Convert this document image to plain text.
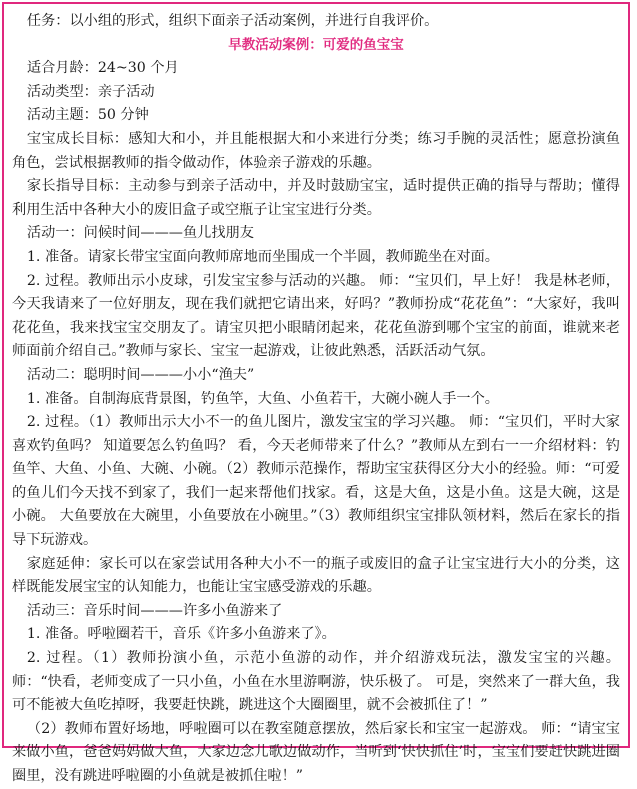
任务：以小组的形式，组织下面亲子活动案例，并进行自我评价。

早教活动案例：可爱的鱼宝宝

适合月龄：24~30 个月

活动类型：亲子活动

活动主题：50 分钟

宝宝成长目标：感知大和小，并且能根据大和小来进行分类；练习手腕的灵活性；愿意扮演鱼角色，尝试根据教师的指令做动作，体验亲子游戏的乐趣。

家长指导目标：主动参与到亲子活动中，并及时鼓励宝宝，适时提供正确的指导与帮助；懂得利用生活中各种大小的废旧盒子或空瓶子让宝宝进行分类。

活动一：问候时间———鱼儿找朋友

1. 准备。请家长带宝宝面向教师席地而坐围成一个半圆，教师跪坐在对面。

2. 过程。教师出示小皮球，引发宝宝参与活动的兴趣。 师：“宝贝们，早上好！ 我是林老师，今天我请来了一位好朋友，现在我们就把它请出来，好吗？”教师扮成“花花鱼”：“大家好，我叫花花鱼，我来找宝宝交朋友了。请宝贝把小眼睛闭起来，花花鱼游到哪个宝宝的前面，谁就来老师面前介绍自己。”教师与家长、宝宝一起游戏，让彼此熟悉，活跃活动气氛。

活动二：聪明时间———小小“渔夫”

1. 准备。自制海底背景图，钓鱼竿，大鱼、小鱼若干，大碗小碗人手一个。

2. 过程。（1）教师出示大小不一的鱼儿图片，激发宝宝的学习兴趣。 师：“宝贝们，平时大家喜欢钓鱼吗？ 知道要怎么钓鱼吗？ 看，今天老师带来了什么？”教师从左到右一一介绍材料：钓鱼竿、大鱼、小鱼、大碗、小碗。（2）教师示范操作，帮助宝宝获得区分大小的经验。师：“可爱的鱼儿们今天找不到家了，我们一起来帮他们找家。看，这是大鱼，这是小鱼。这是大碗，这是小碗。 大鱼要放在大碗里，小鱼要放在小碗里。”（3）教师组织宝宝排队领材料，然后在家长的指导下玩游戏。

家庭延伸：家长可以在家尝试用各种大小不一的瓶子或废旧的盒子让宝宝进行大小的分类，这样既能发展宝宝的认知能力，也能让宝宝感受游戏的乐趣。

活动三：音乐时间———许多小鱼游来了

1. 准备。呼啦圈若干，音乐《许多小鱼游来了》。

2. 过程。（1）教师扮演小鱼，示范小鱼游的动作，并介绍游戏玩法，激发宝宝的兴趣。 师：“快看，老师变成了一只小鱼，小鱼在水里游啊游，快乐极了。 可是，突然来了一群大鱼，我可不能被大鱼吃掉呀，我要赶快跳，跳进这个大圈圈里，就不会被抓住了！”

（2）教师布置好场地，呼啦圈可以在教室随意摆放，然后家长和宝宝一起游戏。 师：“请宝宝来做小鱼，爸爸妈妈做大鱼，大家边念儿歌边做动作，当听到‘快快抓住’时，宝宝们要赶快跳进圈圈里，没有跳进呼啦圈的小鱼就是被抓住啦！”
